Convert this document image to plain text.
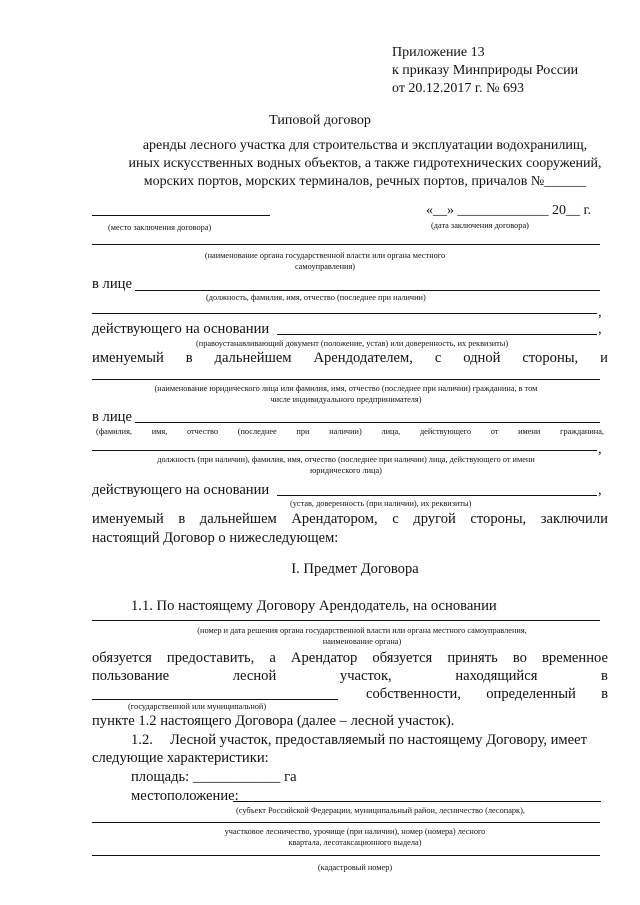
Приложение 13
к приказу Минприроды России
от 20.12.2017 г. № 693
Типовой договор
аренды лесного участка для строительства и эксплуатации водохранилищ,
иных искусственных водных объектов, а также гидротехнических сооружений,
морских портов, морских терминалов, речных портов, причалов №______
«__» _____________ 20__ г.
(место заключения договора)	(дата заключения договора)
(наименование органа государственной власти или органа местного
самоуправления)
в лице
(должность, фамилия, имя, отчество (последнее при наличии)
,
действующего на основании	,
(правоустанавливающий документ (положение, устав) или доверенность, их реквизиты)
именуемый в дальнейшем Арендодателем, с одной стороны, и
(наименование юридического лица или фамилия, имя, отчество (последнее при наличии) гражданина, в том
числе индивидуального предпринимателя)
в лице
(фамилия, имя, отчество (последнее при наличии) лица, действующего от имени гражданина,
,
должность (при наличии), фамилия, имя, отчество (последнее при наличии) лица, действующего от имени
юридического лица)
действующего на основании	,
(устав, доверенность (при наличии), их реквизиты)
именуемый в дальнейшем Арендатором, с другой стороны, заключили
настоящий Договор о нижеследующем:
I. Предмет Договора
1.1. По настоящему Договору Арендодатель, на основании
(номер и дата решения органа государственной власти или органа местного самоуправления,
наименование органа)
обязуется предоставить, а Арендатор обязуется принять во временное
пользование	лесной	участок,	находящийся	в
(государственной или муниципальной)
собственности, определенный в
пункте 1.2 настоящего Договора (далее – лесной участок).
1.2. Лесной участок, предоставляемый по настоящему Договору, имеет
следующие характеристики:
площадь: ____________ га
местоположение:
(субъект Российской Федерации, муниципальный район, лесничество (лесопарк),
участковое лесничество, урочище (при наличии), номер (номера) лесного
квартала, лесотаксационного выдела)
(кадастровый номер)
